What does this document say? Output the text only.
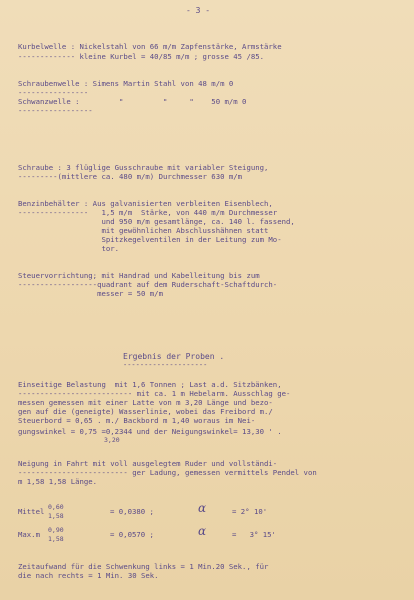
- 3 -
Kurbelwelle : Nickelstahl von 66 m/m Zapfenstärke, Armstärke
------------- kleine Kurbel = 40/85 m/m ; grosse 45 /85.
Schraubenwelle : Simens Martin Stahl von 48 m/m 0
----------------
Schwanzwelle :         "         "     "    50 m/m 0
-----------------
Schraube : 3 flüglige Gusschraube mit variabler Steigung,
---------(mittlere ca. 480 m/m) Durchmesser 630 m/m
Benzinbehälter : Aus galvanisierten verbleiten Eisenblech,
----------------   1,5 m/m  Stärke, von 440 m/m Durchmesser
und 950 m/m gesamtlänge, ca. 140 l. fassend,
mit gewöhnlichen Abschlusshähnen statt
Spitzkegelventilen in der Leitung zum Mo-
tor.
Steuervorrichtung; mit Handrad und Kabelleitung bis zum
------------------quadrant auf dem Ruderschaft-Schaftdurch-
messer = 50 m/m
Ergebnis der Proben .
--------------------
Einseitige Belastung  mit 1,6 Tonnen ; Last a.d. Sitzbänken,
-------------------------- mit ca. 1 m Hebelarm. Ausschlag ge-
messen gemessen mit einer Latte von m 3,20 Länge und bezo-
gen auf die (geneigte) Wasserlinie, wobei das Freibord m./
Steuerbord = 0,65 . m./ Backbord m 1,40 woraus im Nei-
gungswinkel = 0,75 =0,2344 und der Neigungswinkel= 13,30 ' .
3,20
Neigung in Fahrt mit voll ausgelegtem Ruder und vollständi-
------------------------- ger Ladung, gemessen vermittels Pendel von
m 1,58 1,58 Länge.
Mittel 0,60
1,58	= 0,0380 ;	α	= 2° 10'
Max.m 0,90
1,58	= 0,0570 ;	α	=   3° 15'
Zeitaufwand für die Schwenkung links = 1 Min.20 Sek., für
die nach rechts = 1 Min. 30 Sek.
